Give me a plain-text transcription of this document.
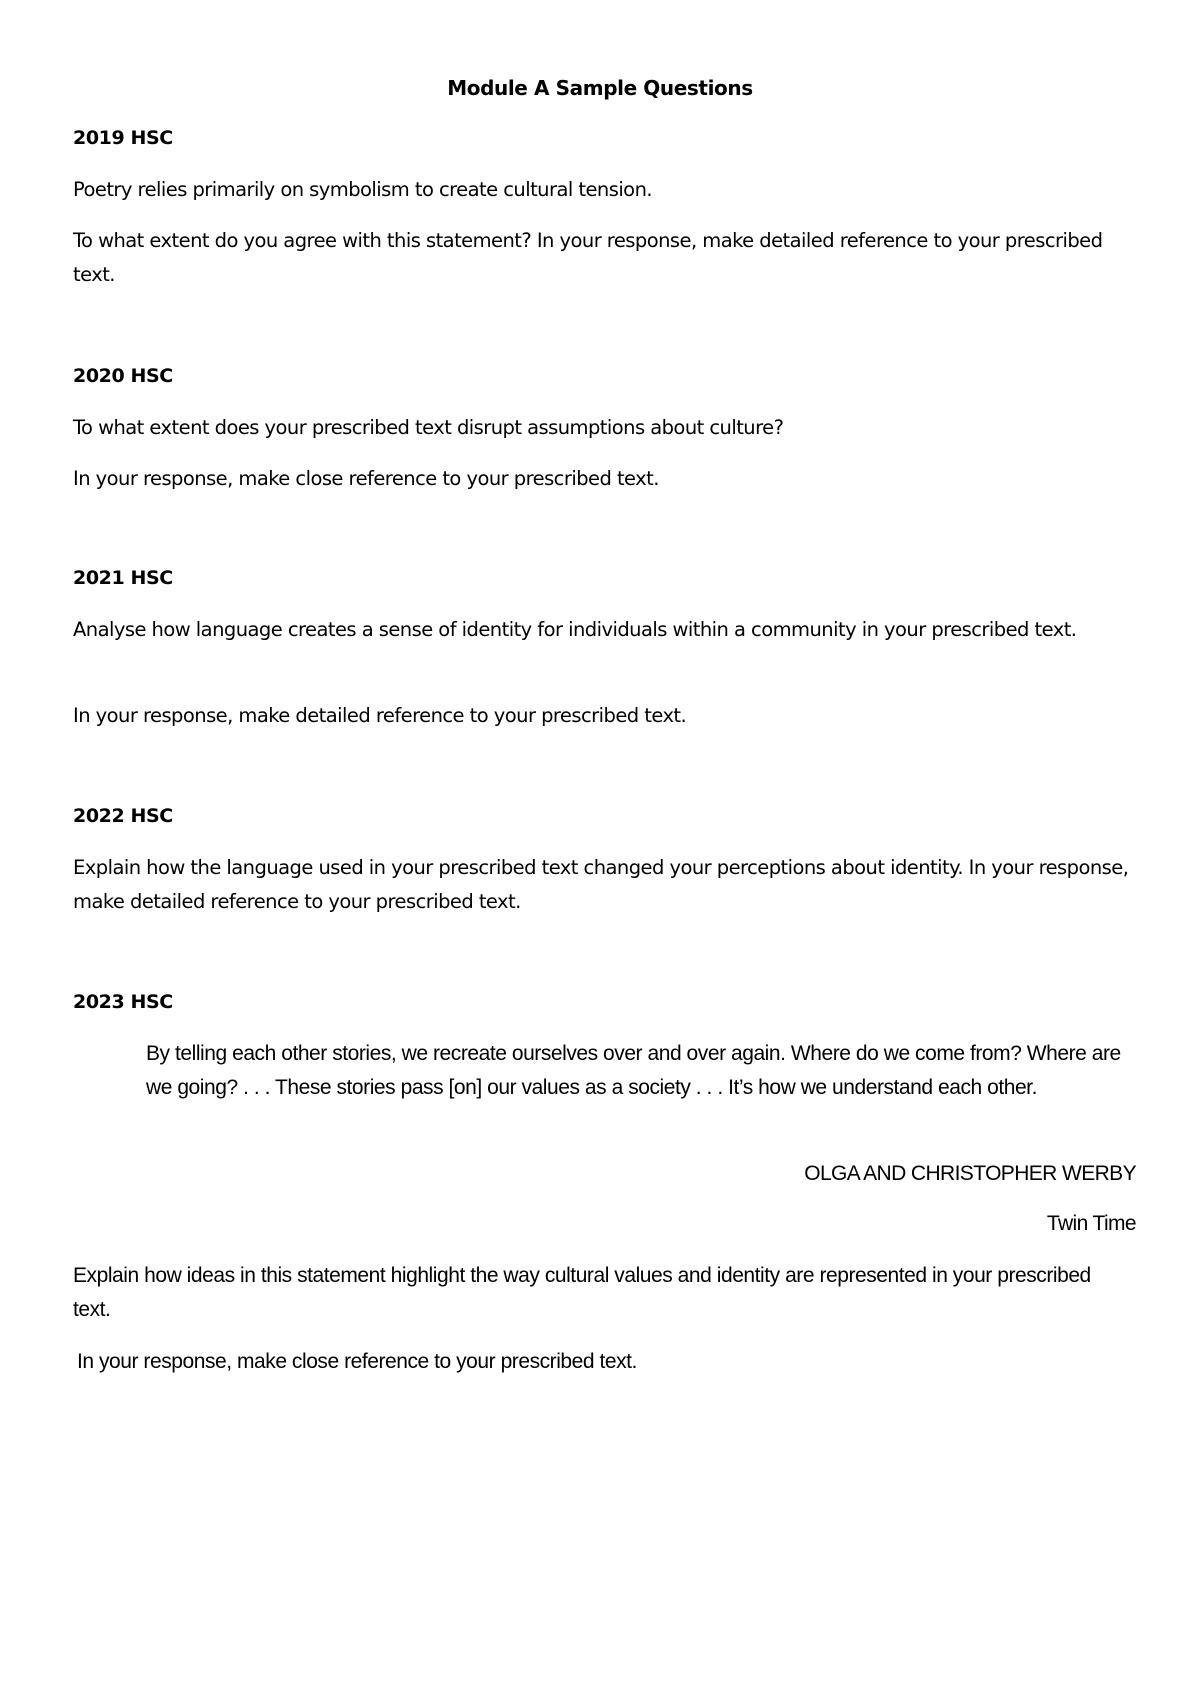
Module A Sample Questions
2019 HSC

Poetry relies primarily on symbolism to create cultural tension.

To what extent do you agree with this statement? In your response, make detailed reference to your prescribed text.

2020 HSC

To what extent does your prescribed text disrupt assumptions about culture?

In your response, make close reference to your prescribed text.

2021 HSC

Analyse how language creates a sense of identity for individuals within a community in your prescribed text.

In your response, make detailed reference to your prescribed text.

2022 HSC

Explain how the language used in your prescribed text changed your perceptions about identity. In your response, make detailed reference to your prescribed text.

2023 HSC

By telling each other stories, we recreate ourselves over and over again. Where do we come from? Where are we going? . . . These stories pass [on] our values as a society . . . It’s how we understand each other.

OLGA AND CHRISTOPHER WERBY
Twin Time

Explain how ideas in this statement highlight the way cultural values and identity are represented in your prescribed text.

In your response, make close reference to your prescribed text.
